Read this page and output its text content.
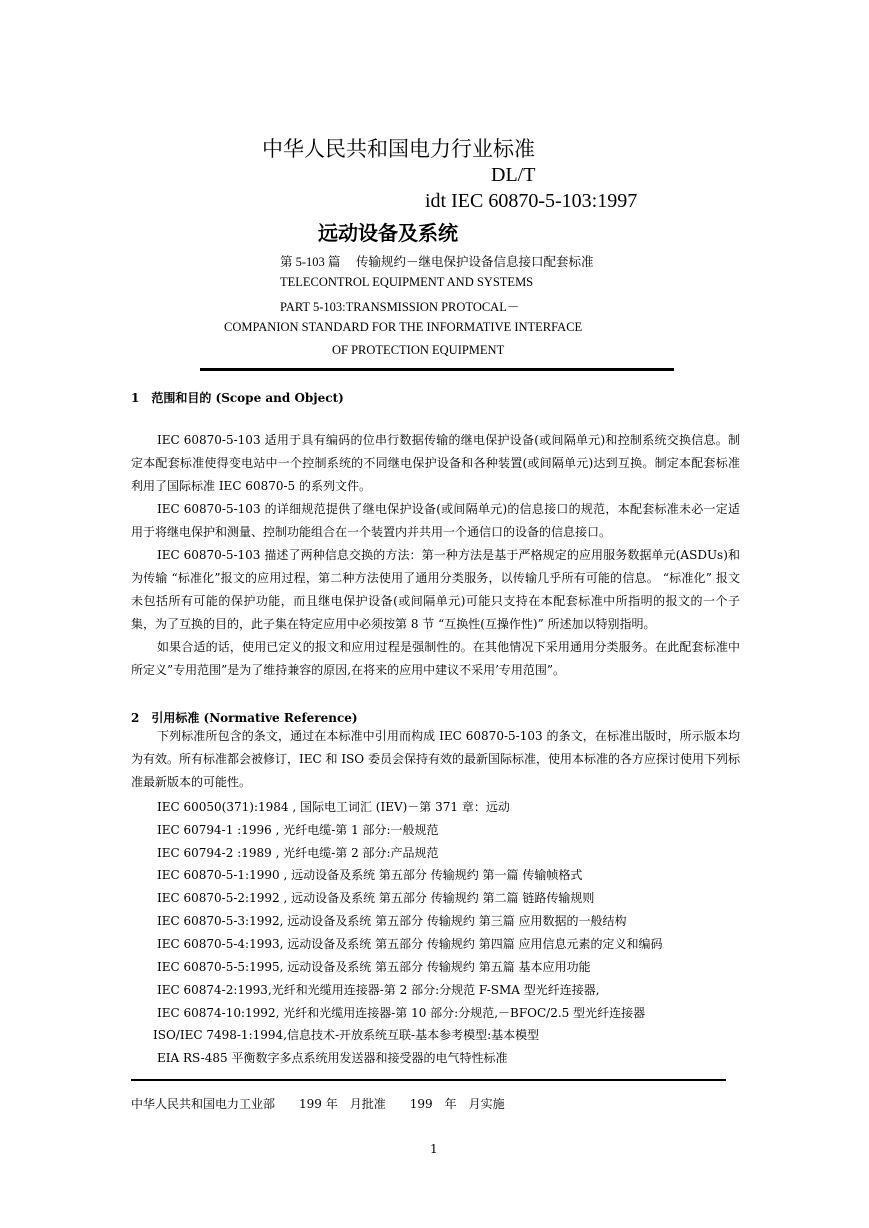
中华人民共和国电力行业标准
DL/T
idt IEC 60870-5-103:1997
远动设备及系统
第 5-103 篇　 传输规约－继电保护设备信息接口配套标准
TELECONTROL EQUIPMENT AND SYSTEMS
PART 5-103:TRANSMISSION PROTOCAL－
COMPANION STANDARD FOR THE INFORMATIVE INTERFACE
OF PROTECTION EQUIPMENT
1　范围和目的 (Scope and Object)

IEC 60870-5-103 适用于具有编码的位串行数据传输的继电保护设备(或间隔单元)和控制系统交换信息。制定本配套标准使得变电站中一个控制系统的不同继电保护设备和各种装置(或间隔单元)达到互换。制定本配套标准利用了国际标准 IEC 60870-5 的系列文件。

IEC 60870-5-103 的详细规范提供了继电保护设备(或间隔单元)的信息接口的规范，本配套标准未必一定适用于将继电保护和测量、控制功能组合在一个装置内并共用一个通信口的设备的信息接口。

IEC 60870-5-103 描述了两种信息交换的方法：第一种方法是基于严格规定的应用服务数据单元(ASDUs)和为传输 “标准化”报文的应用过程，第二种方法使用了通用分类服务，以传输几乎所有可能的信息。 “标准化” 报文未包括所有可能的保护功能，而且继电保护设备(或间隔单元)可能只支持在本配套标准中所指明的报文的一个子集，为了互换的目的，此子集在特定应用中必须按第 8 节 “互换性(互操作性)” 所述加以特别指明。

如果合适的话，使用已定义的报文和应用过程是强制性的。在其他情况下采用通用分类服务。在此配套标准中所定义”专用范围”是为了维持兼容的原因,在将来的应用中建议不采用’专用范围”。

2　引用标准 (Normative Reference)

下列标准所包含的条文，通过在本标准中引用而构成 IEC 60870-5-103 的条文，在标准出版时，所示版本均为有效。所有标准都会被修订，IEC 和 ISO 委员会保持有效的最新国际标准，使用本标准的各方应探讨使用下列标准最新版本的可能性。

IEC 60050(371):1984 , 国际电工词汇 (IEV)－第 371 章：远动
IEC 60794-1 :1996 , 光纤电缆-第 1 部分:一般规范
IEC 60794-2 :1989 , 光纤电缆-第 2 部分:产品规范
IEC 60870-5-1:1990 , 远动设备及系统 第五部分 传输规约 第一篇 传输帧格式
IEC 60870-5-2:1992 , 远动设备及系统 第五部分 传输规约 第二篇 链路传输规则
IEC 60870-5-3:1992, 远动设备及系统 第五部分 传输规约 第三篇 应用数据的一般结构
IEC 60870-5-4:1993, 远动设备及系统 第五部分 传输规约 第四篇 应用信息元素的定义和编码
IEC 60870-5-5:1995, 远动设备及系统 第五部分 传输规约 第五篇 基本应用功能
IEC 60874-2:1993,光纤和光缆用连接器-第 2 部分:分规范 F-SMA 型光纤连接器,
IEC 60874-10:1992, 光纤和光缆用连接器-第 10 部分:分规范,－BFOC/2.5 型光纤连接器
ISO/IEC 7498-1:1994,信息技术-开放系统互联-基本参考模型:基本模型
EIA RS-485 平衡数字多点系统用发送器和接受器的电气特性标准
中华人民共和国电力工业部　　199 年　月批准　　199　年　月实施
1
